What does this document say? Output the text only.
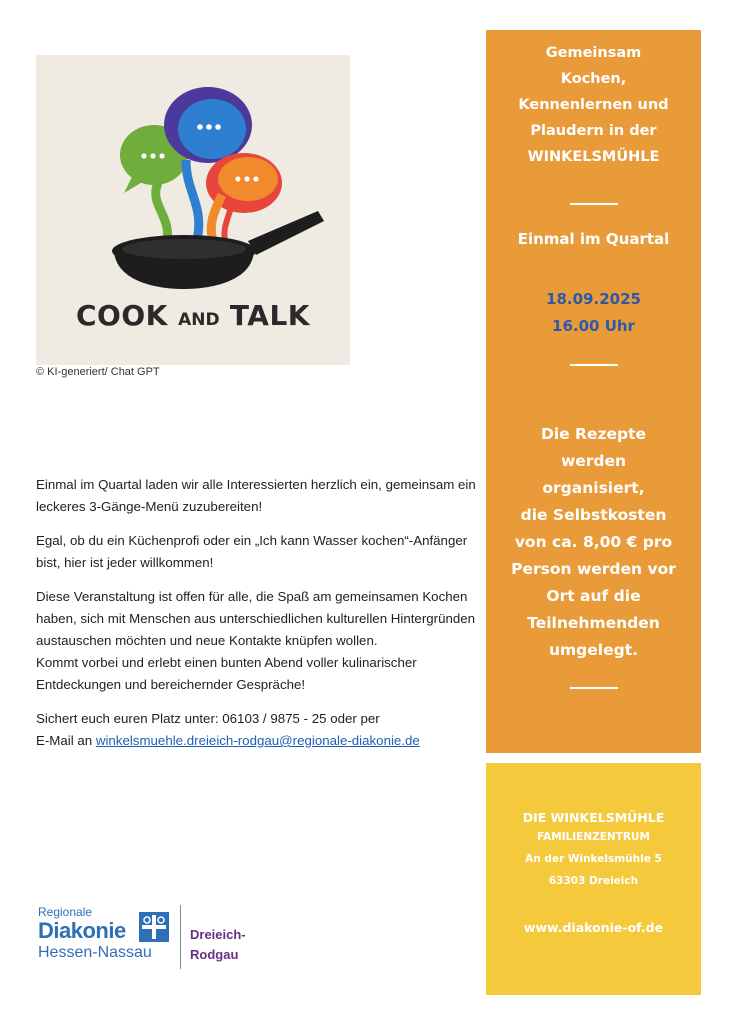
COOK AND TALK
© KI-generiert/ Chat GPT

Einmal im Quartal laden wir alle Interessierten herzlich ein, gemeinsam ein leckeres 3-Gänge-Menü zuzubereiten!

Egal, ob du ein Küchenprofi oder ein „Ich kann Wasser kochen“-Anfänger bist, hier ist jeder willkommen!

Diese Veranstaltung ist offen für alle, die Spaß am gemeinsamen Kochen haben, sich mit Menschen aus unterschiedlichen kulturellen Hintergründen austauschen möchten und neue Kontakte knüpfen wollen.

Kommt vorbei und erlebt einen bunten Abend voller kulinarischer Entdeckungen und bereichernder Gespräche!

Sichert euch euren Platz unter: 06103 / 9875 - 25 oder per
E-Mail an winkelsmuehle.dreieich-rodgau@regionale-diakonie.de

Gemeinsam
Kochen,
Kennenlernen und
Plaudern in der
WINKELSMÜHLE
Einmal im Quartal
18.09.2025
16.00 Uhr
Die Rezepte
werden
organisiert,
die Selbstkosten
von ca. 8,00 € pro
Person werden vor
Ort auf die
Teilnehmenden
umgelegt.
DIE WINKELSMÜHLE
FAMILIENZENTRUM
An der Winkelsmühle 5
63303 Dreieich
www.diakonie-of.de
Regionale
Diakonie
Hessen-Nassau
Dreieich-
Rodgau
